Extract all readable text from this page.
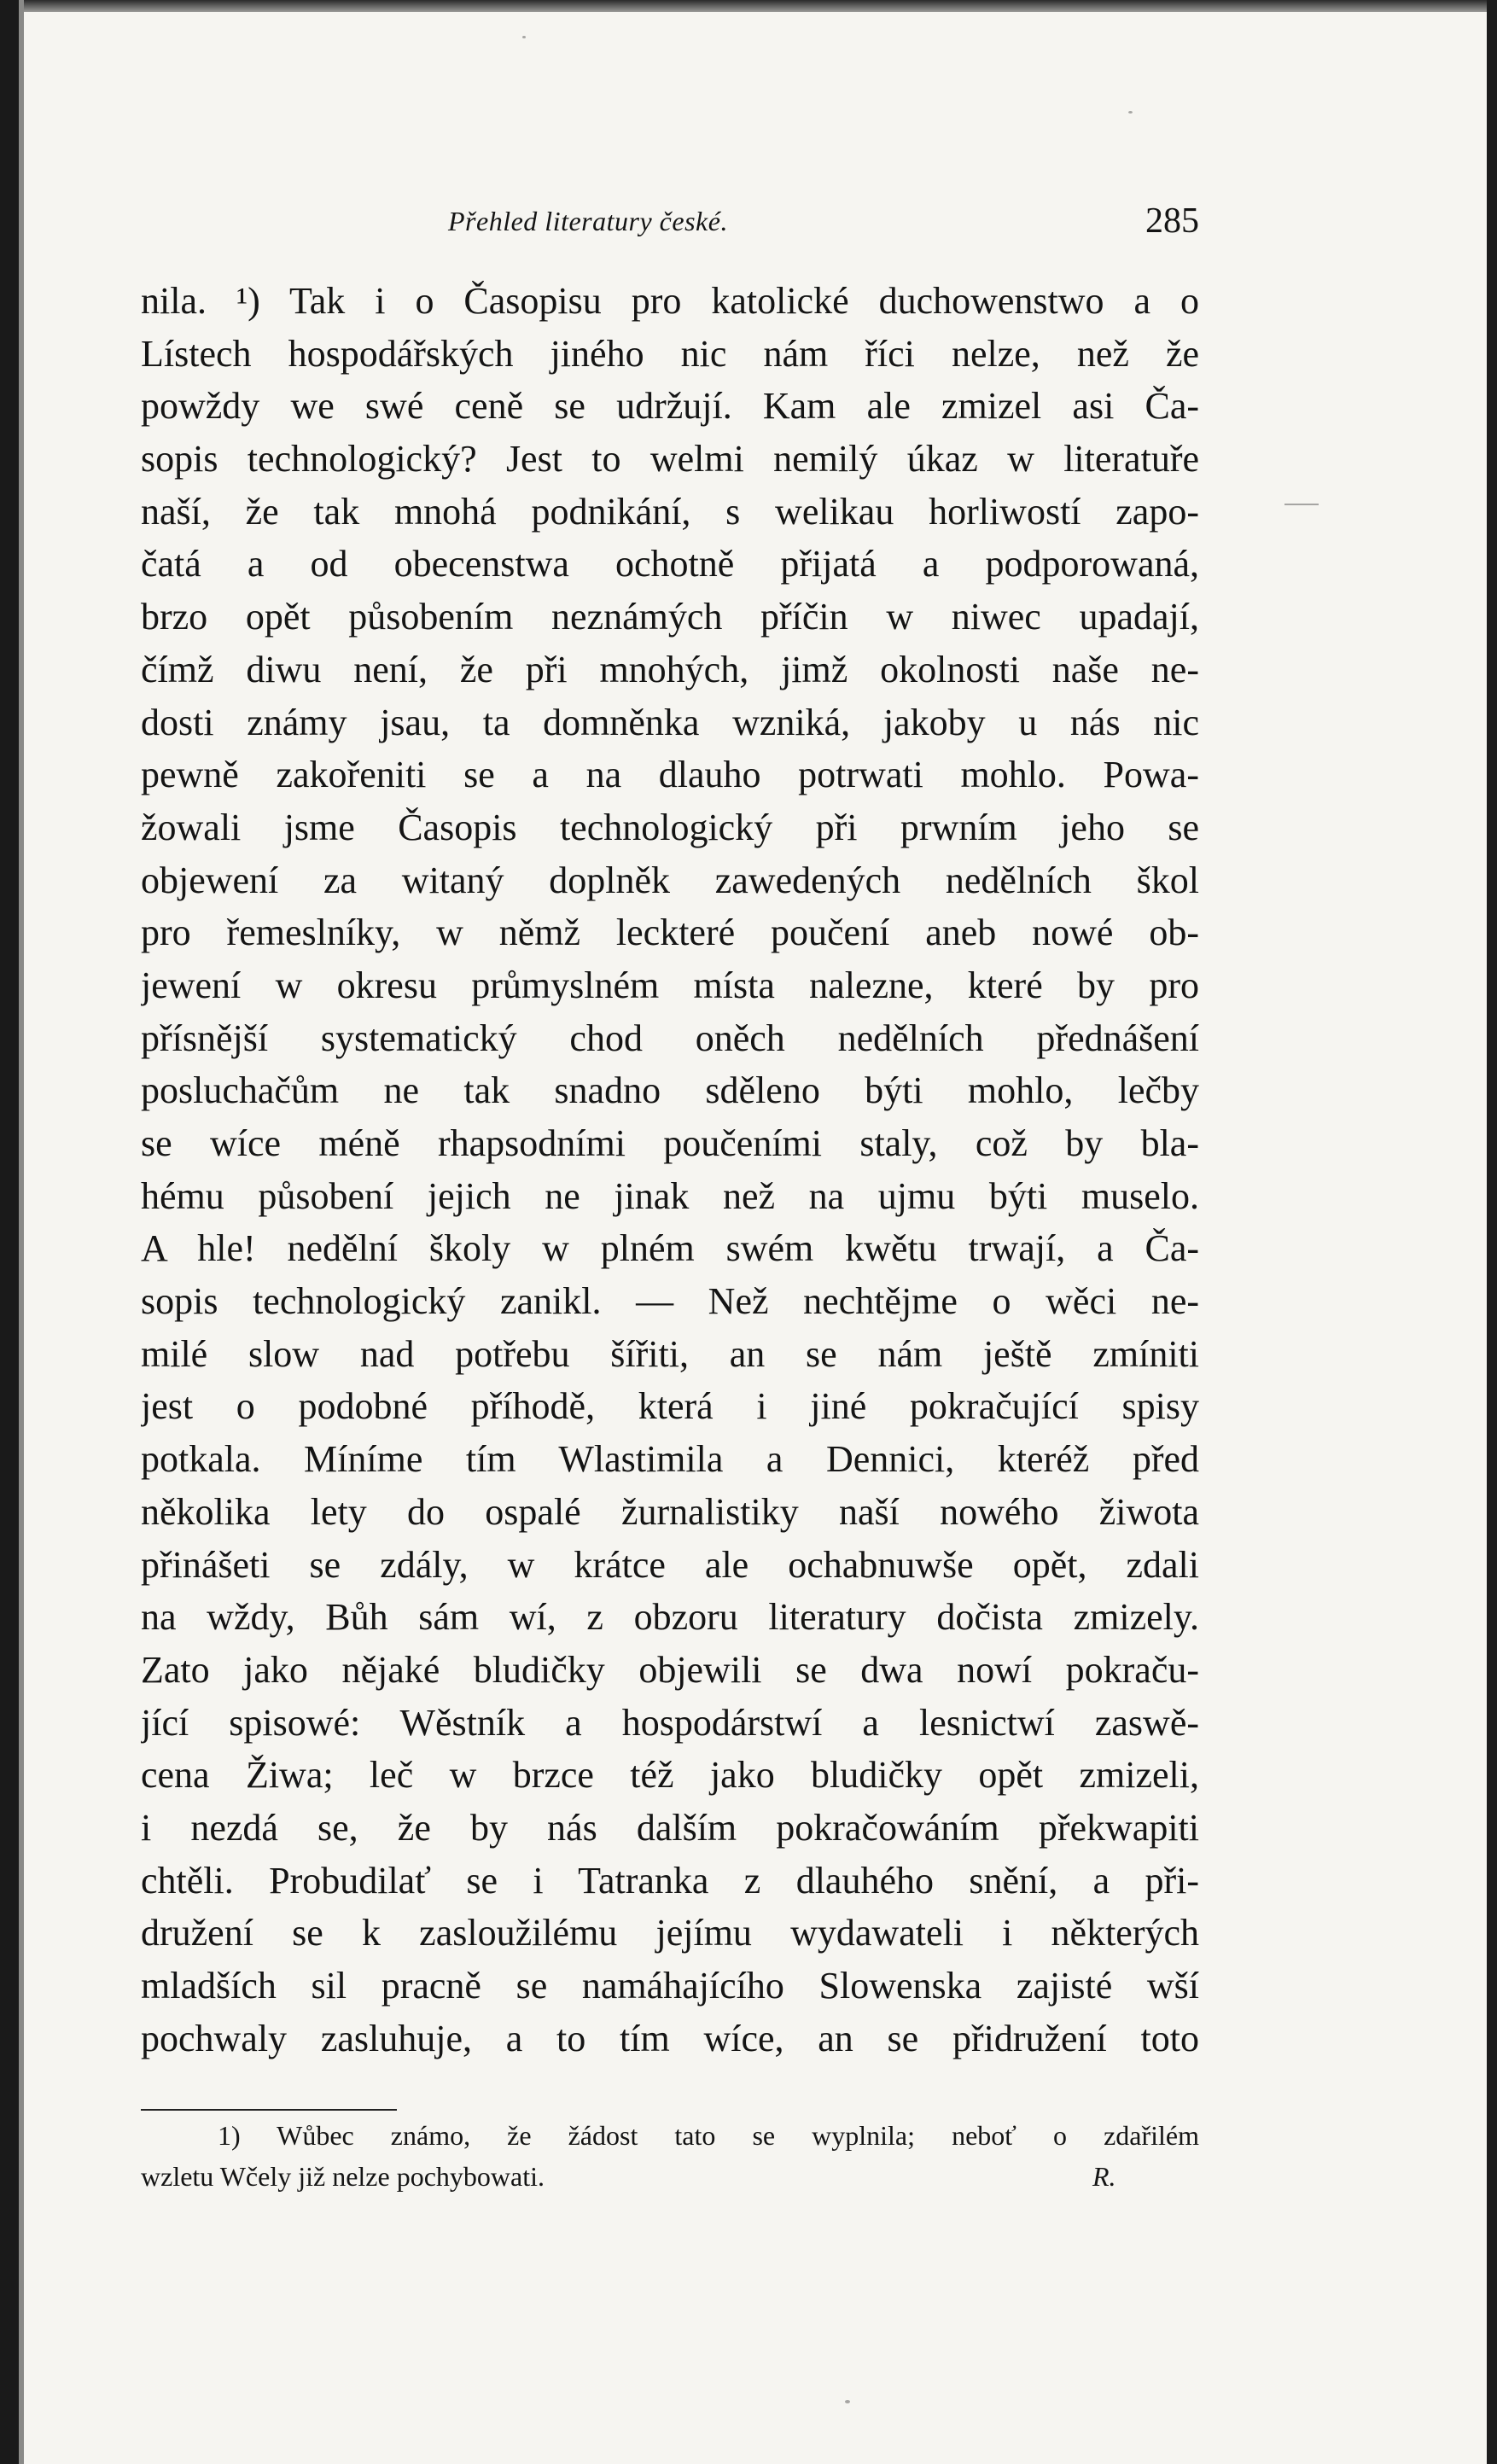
Přehled literatury české.	285
nila. ¹) Tak i o Časopisu pro katolické duchowenstwo a o
Lístech hospodářských jiného nic nám říci nelze, než že
powždy we swé ceně se udržují. Kam ale zmizel asi Ča-
sopis technologický? Jest to welmi nemilý úkaz w literatuře
naší, že tak mnohá podnikání, s welikau horliwostí zapo-
čatá a od obecenstwa ochotně přijatá a podporowaná,
brzo opět působením neznámých příčin w niwec upadají,
čímž diwu není, že při mnohých, jimž okolnosti naše ne-
dosti známy jsau, ta domněnka wzniká, jakoby u nás nic
pewně zakořeniti se a na dlauho potrwati mohlo. Powa-
žowali jsme Časopis technologický při prwním jeho se
objewení za witaný doplněk zawedených nedělních škol
pro řemeslníky, w němž leckteré poučení aneb nowé ob-
jewení w okresu průmyslném místa nalezne, které by pro
přísnější systematický chod oněch nedělních přednášení
posluchačům ne tak snadno sděleno býti mohlo, lečby
se wíce méně rhapsodními poučeními staly, což by bla-
hému působení jejich ne jinak než na ujmu býti muselo.
A hle! nedělní školy w plném swém kwětu trwají, a Ča-
sopis technologický zanikl. — Než nechtějme o wěci ne-
milé slow nad potřebu šířiti, an se nám ještě zmíniti
jest o podobné příhodě, která i jiné pokračující spisy
potkala. Míníme tím Wlastimila a Dennici, kteréž před
několika lety do ospalé žurnalistiky naší nowého žiwota
přinášeti se zdály, w krátce ale ochabnuwše opět, zdali
na wždy, Bůh sám wí, z obzoru literatury dočista zmizely.
Zato jako nějaké bludičky objewili se dwa nowí pokraču-
jící spisowé: Wěstník a hospodárstwí a lesnictwí zaswě-
cena Žiwa; leč w brzce též jako bludičky opět zmizeli,
i nezdá se, že by nás dalším pokračowáním překwapiti
chtěli. Probudilať se i Tatranka z dlauhého snění, a při-
družení se k zasloužilému jejímu wydawateli i některých
mladších sil pracně se namáhajícího Slowenska zajisté wší
pochwaly zasluhuje, a to tím wíce, an se přidružení toto
1) Wůbec známo, že žádost tato se wyplnila; neboť o zdařilém
wzletu Wčely již nelze pochybowati.	R.
